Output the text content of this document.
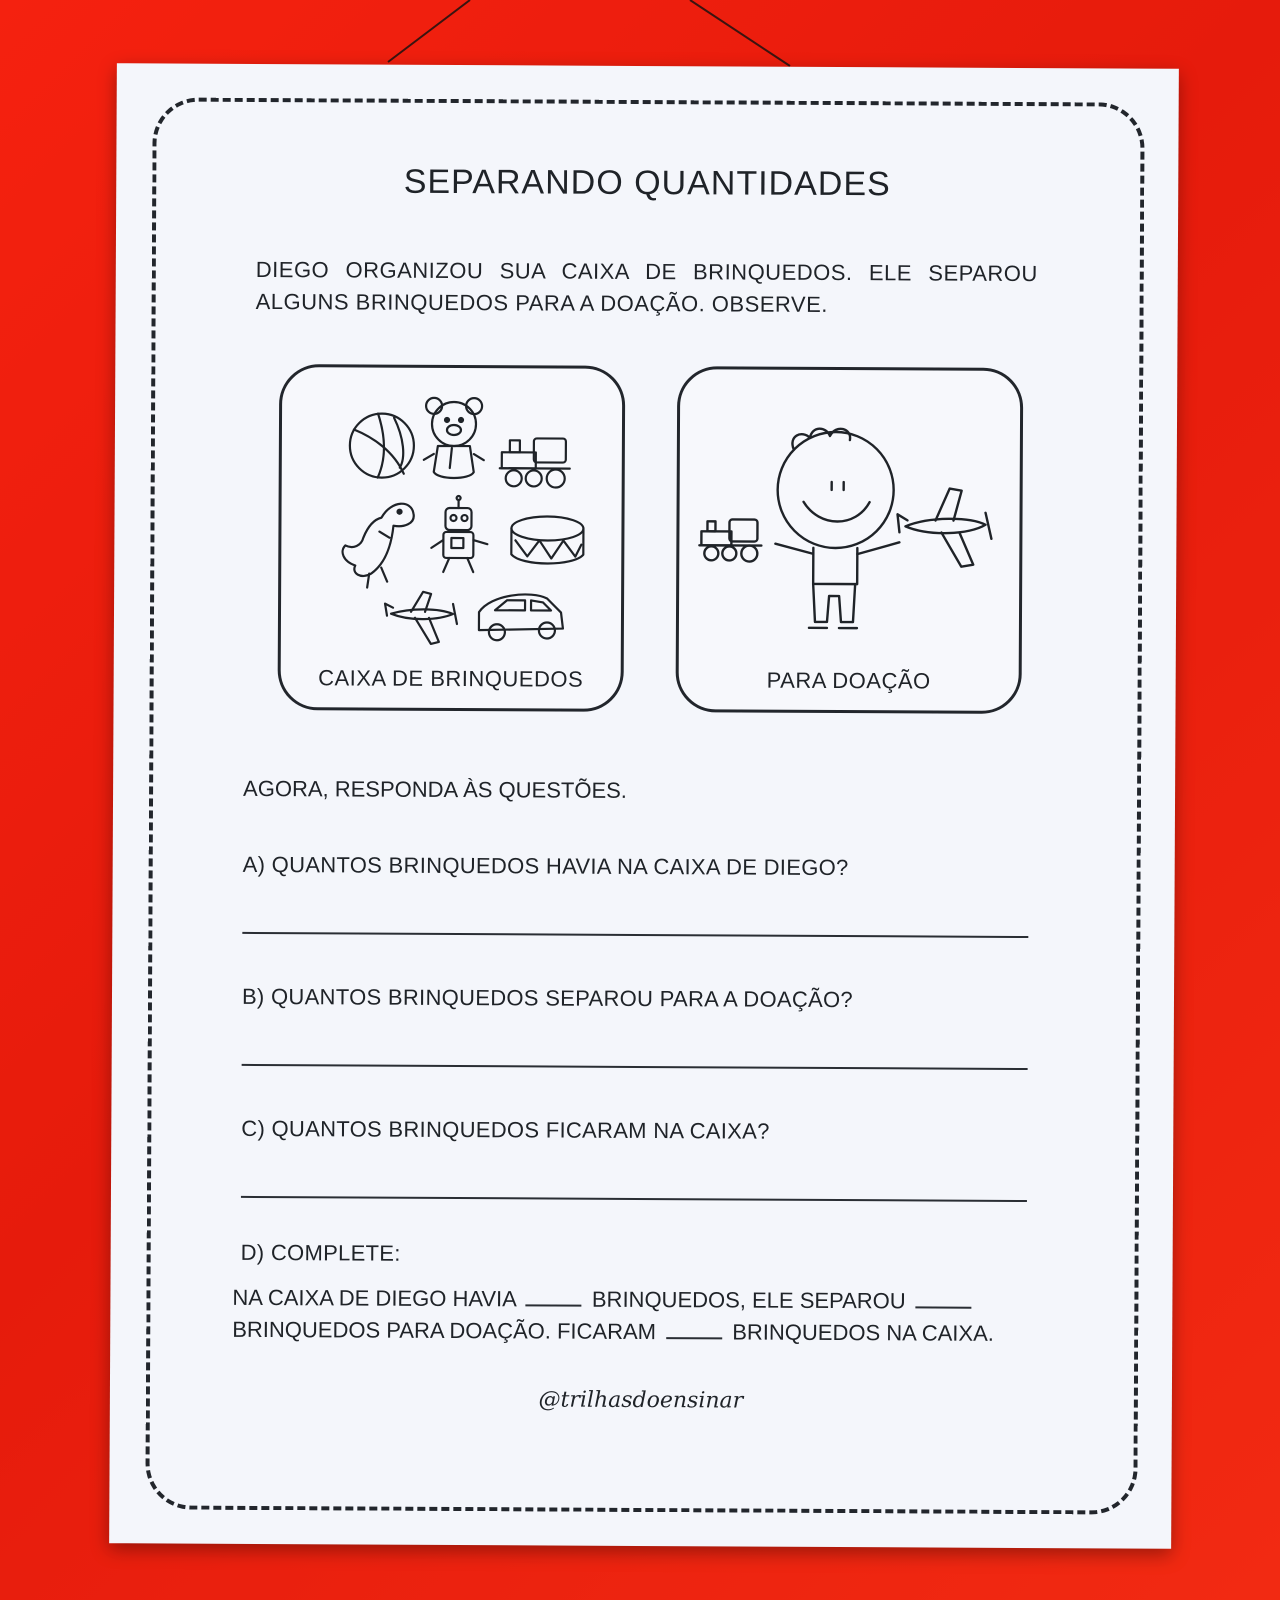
SEPARANDO QUANTIDADES
DIEGO ORGANIZOU SUA CAIXA DE BRINQUEDOS. ELE SEPAROU ALGUNS BRINQUEDOS PARA A DOAÇÃO. OBSERVE.
CAIXA DE BRINQUEDOS	PARA DOAÇÃO
AGORA, RESPONDA ÀS QUESTÕES.
A) QUANTOS BRINQUEDOS HAVIA NA CAIXA DE DIEGO?
B) QUANTOS BRINQUEDOS SEPAROU PARA A DOAÇÃO?
C) QUANTOS BRINQUEDOS FICARAM NA CAIXA?
D) COMPLETE:
NA CAIXA DE DIEGO HAVIA	BRINQUEDOS, ELE SEPAROU  BRINQUEDOS PARA DOAÇÃO. FICARAM	BRINQUEDOS NA CAIXA.
@trilhasdoensinar
